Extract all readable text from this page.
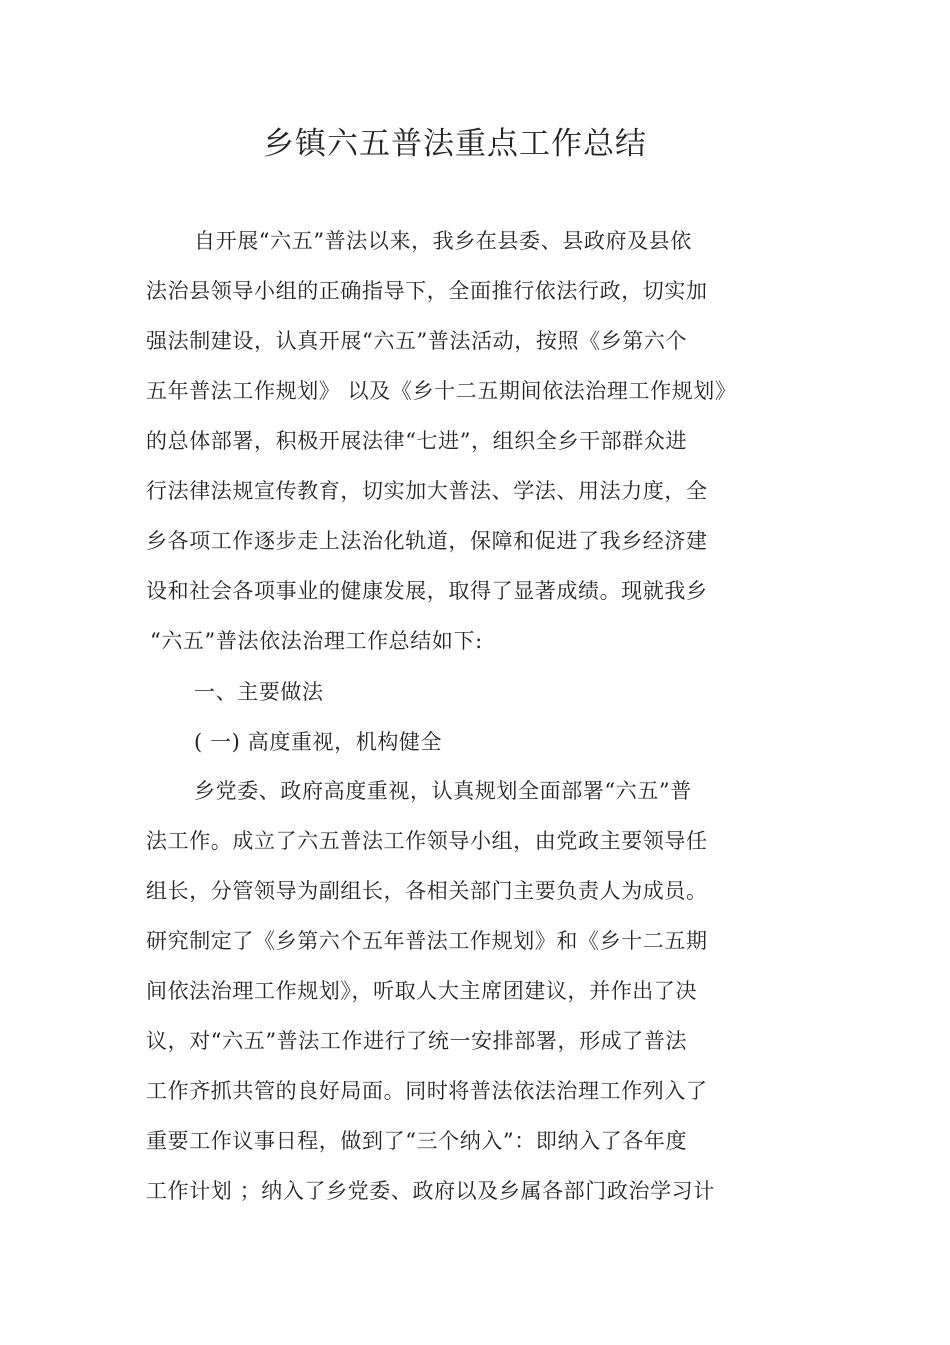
乡镇六五普法重点工作总结
自开展“六五”普法以来，我乡在县委、县政府及县依
法治县领导小组的正确指导下，全面推行依法行政，切实加
强法制建设，认真开展“六五”普法活动，按照《乡第六个
五年普法工作规划》 以及《乡十二五期间依法治理工作规划》
的总体部署，积极开展法律“七进”，组织全乡干部群众进
行法律法规宣传教育，切实加大普法、学法、用法力度，全
乡各项工作逐步走上法治化轨道，保障和促进了我乡经济建
设和社会各项事业的健康发展，取得了显著成绩。现就我乡
“六五”普法依法治理工作总结如下:
一、主要做法
( 一) 高度重视，机构健全
乡党委、政府高度重视，认真规划全面部署“六五”普
法工作。成立了六五普法工作领导小组，由党政主要领导任
组长，分管领导为副组长，各相关部门主要负责人为成员。
研究制定了《乡第六个五年普法工作规划》和《乡十二五期
间依法治理工作规划》，听取人大主席团建议，并作出了决
议，对“六五”普法工作进行了统一安排部署，形成了普法
工作齐抓共管的良好局面。同时将普法依法治理工作列入了
重要工作议事日程，做到了“三个纳入”：即纳入了各年度
工作计划 ；纳入了乡党委、政府以及乡属各部门政治学习计
